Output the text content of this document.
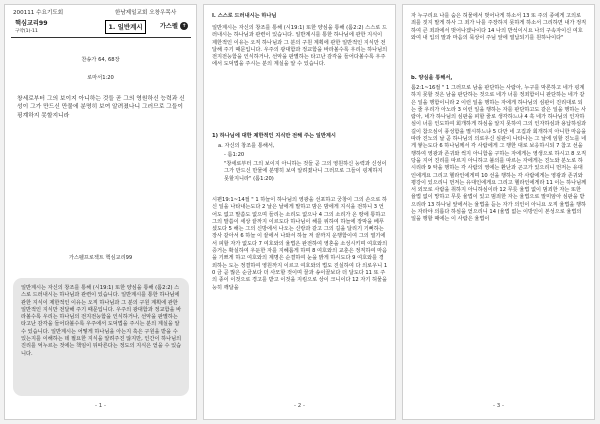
200111 수요기도회	한남제일교회 오창우목사
핵심교리99
구약(1)-11
1. 일반계시	가스펠 ✝
찬송가 64, 68장
로마서1:20
창세로부터 그의 보이지 아니하는 것들 곧 그의 영원하신 능력과 신성이 그가 만드신 만물에 분명히 보여 알려졌나니 그러므로 그들이 핑계하지 못할지니라
가스펠프로젝트 핵심교리99
일반계시는 자신의 창조를 통해 (시19:1) 또한 양심을 통해 (롬2:2) 스스로 드러내시는 하나님과 관련이 있습니다. 일반계시를 통한 하나님에 관한 지식이 제한적인 이유는 오직 하나님과 그 분의 구원 계획에 관한 일반적인 지식만 전달해 주기 때문입니다. 우주의 광대함과 정교함을 바라볼수록 우리는 하나님의 전지전능함을 인식하거나, 선악을 판별하는 타고난 감각을 들어다볼수록 우주에서 도덕법을 주시는 분의 계실을 알 수 있습니다. 일반계시는 어떻게 하나님을 아는지 혹은 구원을 받을 수 있는지를 이해하는 데 필요한 지식을 알려주진 않지만, 인간이 하나님의 진리를 억누르는 것에는 책임이 뒤따른다는 정도의 지식은 얻을 수 있습니다.
- 1 -
I. 스스로 드러내시는 하나님
일반계시는 자신의 창조를 통해 (시19:1) 또한 양심을 통해 (롬2:2) 스스로 드러내시는 하나님과 관련이 있습니다. 일반계시를 통한 하나님에 관한 지식이 제한적인 이유는 오직 하나님과 그 분의 구원 계획에 관한 일반적인 지식만 전달해 주기 때문입니다. 우주의 광대함과 정교함을 바라볼수록 우리는 하나님의 전지전능함을 인식하거나, 선악을 판별하는 타고난 감각을 들어다볼수록 우주에서 도덕법을 주시는 분의 계실을 알 수 있습니다.
1) 하나님에 대한 제한적인 지식만 전해 주는 일반계시
a. 자신의 창조를 통해서,
- 롬1:20
"창세로부터 그의 보이지 아니하는 것들 곧 그의 영원하신 능력과 신성이 그가 만드신 만물에 분명히 보여 알려졌나니 그러므로 그들이 핑계하지 못할지니라" (롬1:20)
시편19:1~14절 " 1 하늘이 하나님의 영광을 선포하고 궁창이 그의 손으로 하신 일을 나타내는도다 2 날은 날에게 말하고 밤은 밤에게 지식을 전하니 3 언어도 없고 말씀도 없으며 들리는 소리도 없으나 4 그의 소리가 온 땅에 통하고 그의 말씀이 세상 끝까지 이르도다 하나님이 해를 위하여 하늘에 장막을 베푸셨도다 5 해는 그의 신방에서 나오는 신랑과 같고 그의 길을 달리기 기뻐하는 장사 같아서 6 하늘 이 끝에서 나와서 하늘 저 끝까지 운행함이여 그의 열기에서 피할 자가 없도다 7 여호와의 율법은 완전하여 영혼을 소성시키며 여호와의 증거는 확실하여 우둔한 자를 지혜롭게 하며 8 여호와의 교훈은 정직하여 마음을 기쁘게 하고 여호와의 계명은 순결하여 눈을 밝게 하시도다 9 여호와를 경외하는 도는 정결하여 영원까지 이르고 여호와의 법도 진실하여 다 의로우니 10 금 곧 많은 순금보다 더 사모할 것이며 꿀과 송이꿀보다 더 달도다 11 또 주의 종이 이것으로 경고를 받고 이것을 지킴으로 상이 크니이다 12 자기 허물을 능히 깨달을
- 2 -
자 누구리요 나를 숨은 허물에서 벗어나게 하소서 13 또 주의 종에게 고의로 죄를 짓지 말게 하사 그 죄가 나를 주장하지 못하게 하소서 그리하면 내가 정직하여 큰 죄과에서 벗어나겠나이다 14 나의 반석이시요 나의 구속자이신 여호와여 내 입의 말과 마음의 묵상이 주님 앞에 열납되기를 원하나이다"
b. 양심을 통해서,
롬2:1~16절 " 1 그러므로 남을 판단하는 사람아, 누구를 막론하고 네가 핑계하지 못할 것은 남을 판단하는 것으로 네가 너를 정죄함이니 판단하는 네가 같은 일을 행함이니라 2 이런 일을 행하는 자에게 하나님의 심판이 진리대로 되는 줄 우리가 아노라 3 이런 일을 행하는 자를 판단하고도 같은 일을 행하는 사람아, 네가 하나님의 심판을 피할 줄로 생각하느냐 4 혹 네가 하나님의 인자하심이 너를 인도하여 회개하게 하심을 알지 못하여 그의 인자하심과 용납하심과 길이 참으심이 풍성함을 멸시하느냐 5 다만 네 고집과 회개하지 아니한 마음을 따라 진노의 날 곧 하나님의 의로우신 심판이 나타나는 그 날에 임할 진노를 네게 쌓는도다 6 하나님께서 각 사람에게 그 행한 대로 보응하시되 7 참고 선을 행하여 영광과 존귀와 썩지 아니함을 구하는 자에게는 영생으로 하시고 8 오직 당을 지어 진리를 따르지 아니하고 불의를 따르는 자에게는 진노와 분노로 하시리라 9 악을 행하는 각 사람의 영에는 환난과 곤고가 있으리니 먼저는 유대인에게요 그리고 헬라인에게며 10 선을 행하는 각 사람에게는 영광과 존귀와 평강이 있으리니 먼저는 유대인에게요 그리고 헬라인에게라 11 이는 하나님께서 외모로 사람을 취하지 아니하심이라 12 무릇 율법 없이 범죄한 자는 또한 율법 없이 망하고 무릇 율법이 있고 범죄한 자는 율법으로 말미암아 심판을 받으리라 13 하나님 앞에서는 율법을 듣는 자가 의인이 아니요 오직 율법을 행하는 자라야 의롭다 하심을 얻으리니 14 (율법 없는 이방인이 본성으로 율법의 일을 행할 때에는 이 사람은 율법이
- 3 -
